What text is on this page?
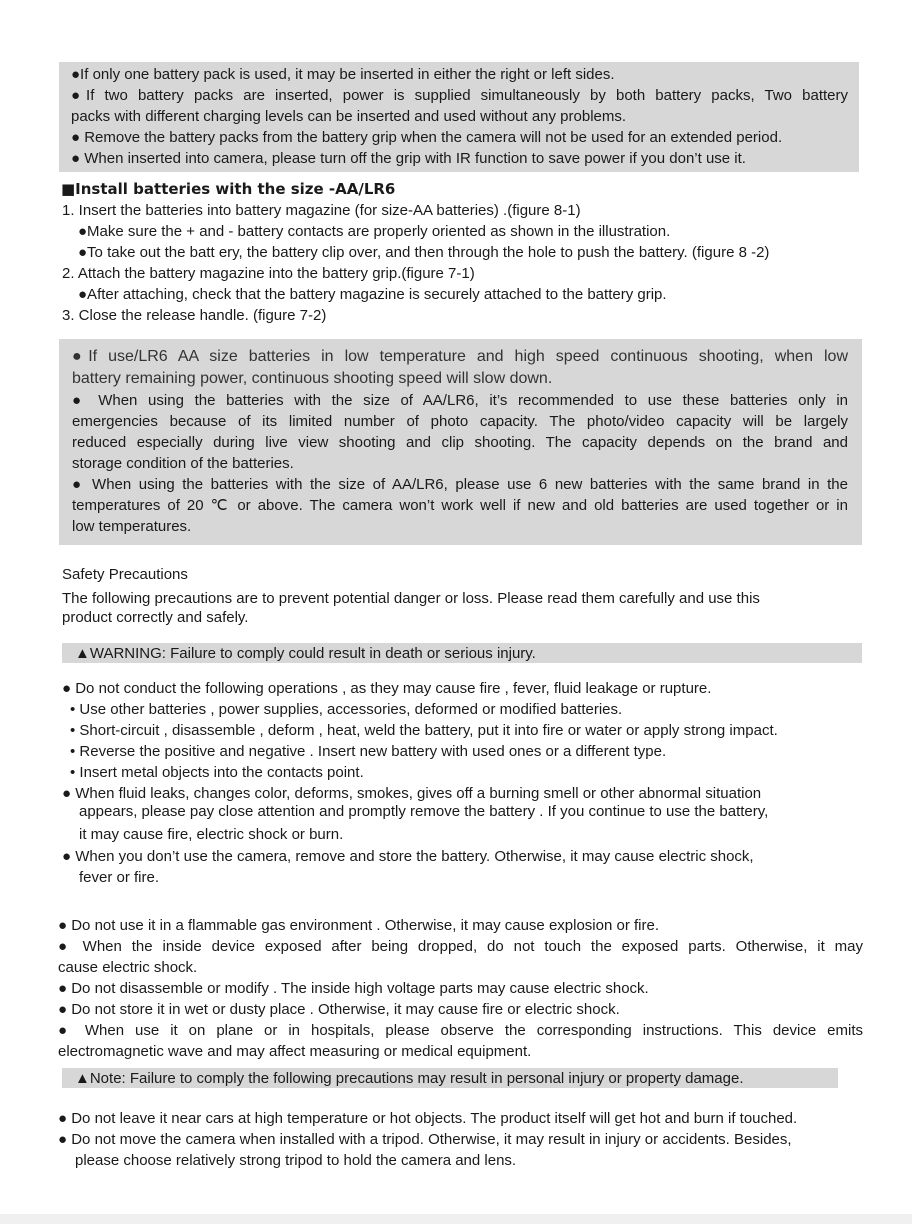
●If only one battery pack is used, it may be inserted in either the right or left sides.
●If two battery packs are inserted, power is supplied simultaneously by both battery packs, Two battery
packs with different charging levels can be inserted and used without any problems.
● Remove the battery packs from the battery grip when the camera will not be used for an extended period.
● When inserted into camera, please turn off the grip with IR function to save power if you don’t use it.
■Install batteries with the size -AA/LR6
1. Insert the batteries into battery magazine (for size-AA batteries) .(figure 8-1)
●Make sure the + and - battery contacts are properly oriented as shown in the illustration.
●To take out the batt ery, the battery clip over, and then through the hole to push the battery. (figure 8 -2)
2. Attach the battery magazine into the battery grip.(figure 7-1)
●After attaching, check that the battery magazine is securely attached to the battery grip.
3. Close the release handle. (figure 7-2)
●If use/LR6 AA size batteries in low temperature and high speed continuous shooting, when low
battery remaining power, continuous shooting speed will slow down.
● When using the batteries with the size of AA/LR6, it’s recommended to use these batteries only in
emergencies because of its limited number of photo capacity. The photo/video capacity will be largely
reduced especially during live view shooting and clip shooting. The capacity depends on the brand and
storage condition of the batteries.
● When using the batteries with the size of AA/LR6, please use 6 new batteries with the same brand in the
temperatures of 20 ℃ or above. The camera won’t work well if new and old batteries are used together or in
low temperatures.
Safety Precautions
The following precautions are to prevent potential danger or loss. Please read them carefully and use this
product correctly and safely.
▲WARNING: Failure to comply could result in death or serious injury.
● Do not conduct the following operations , as they may cause fire , fever, fluid leakage or rupture.
• Use other batteries , power supplies, accessories, deformed or modified batteries.
• Short-circuit , disassemble , deform , heat, weld the battery, put it into fire or water or apply strong impact.
• Reverse the positive and negative . Insert new battery with used ones or a different type.
• Insert metal objects into the contacts point.
● When fluid leaks, changes color, deforms, smokes, gives off a burning smell or other abnormal situation
appears, please pay close attention and promptly remove the battery . If you continue to use the battery,
it may cause fire, electric shock or burn.
● When you don’t use the camera, remove and store the battery. Otherwise, it may cause electric shock,
fever or fire.
● Do not use it in a flammable gas environment . Otherwise, it may cause explosion or fire.
● When the inside device exposed after being dropped, do not touch the exposed parts. Otherwise, it may
cause electric shock.
● Do not disassemble or modify . The inside high voltage parts may cause electric shock.
● Do not store it in wet or dusty place . Otherwise, it may cause fire or electric shock.
● When use it on plane or in hospitals, please observe the corresponding instructions. This device emits
electromagnetic wave and may affect measuring or medical equipment.
▲Note: Failure to comply the following precautions may result in personal injury or property damage.
● Do not leave it near cars at high temperature or hot objects. The product itself will get hot and burn if touched.
● Do not move the camera when installed with a tripod. Otherwise, it may result in injury or accidents. Besides,
please choose relatively strong tripod to hold the camera and lens.
